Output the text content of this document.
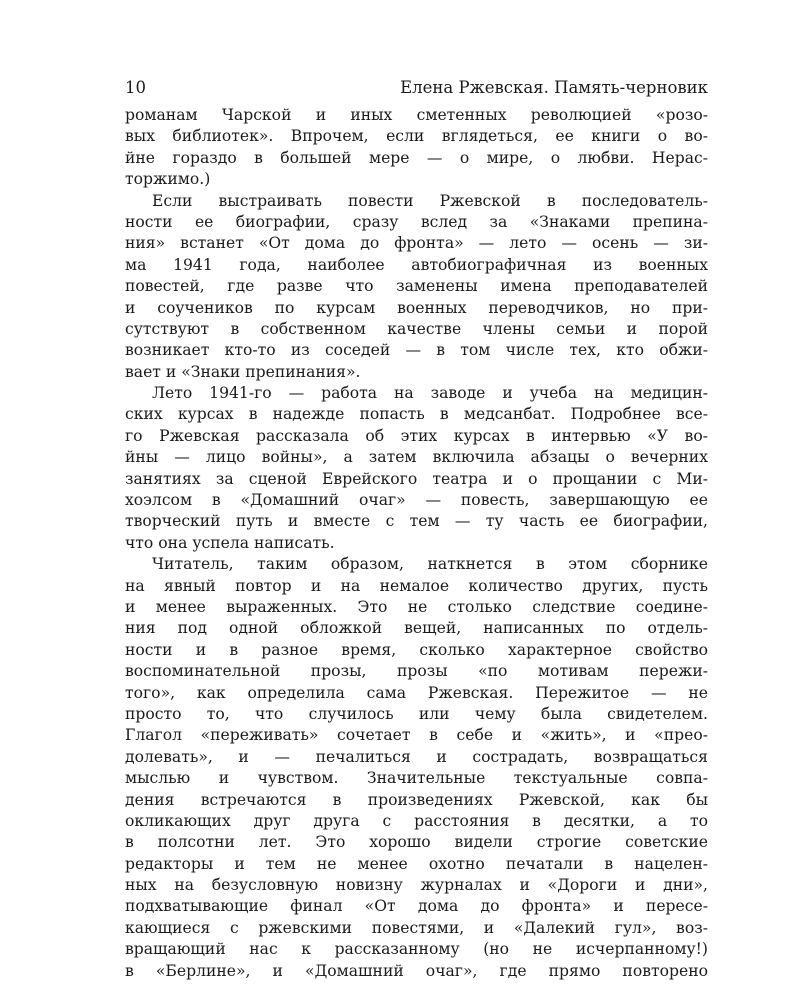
10	Елена Ржевская. Память-черновик
романам Чарской и иных сметенных революцией «розо-
вых библиотек». Впрочем, если вглядеться, ее книги о во-
йне гораздо в большей мере — о мире, о любви. Нерас-
торжимо.)
Если выстраивать повести Ржевской в последователь-
ности ее биографии, сразу вслед за «Знаками препина-
ния» встанет «От дома до фронта» — лето — осень — зи-
ма 1941 года, наиболее автобиографичная из военных
повестей, где разве что заменены имена преподавателей
и соучеников по курсам военных переводчиков, но при-
сутствуют в собственном качестве члены семьи и порой
возникает кто-то из соседей — в том числе тех, кто обжи-
вает и «Знаки препинания».
Лето 1941-го — работа на заводе и учеба на медицин-
ских курсах в надежде попасть в медсанбат. Подробнее все-
го Ржевская рассказала об этих курсах в интервью «У во-
йны — лицо войны», а затем включила абзацы о вечерних
занятиях за сценой Еврейского театра и о прощании с Ми-
хоэлсом в «Домашний очаг» — повесть, завершающую ее
творческий путь и вместе с тем — ту часть ее биографии,
что она успела написать.
Читатель, таким образом, наткнется в этом сборнике
на явный повтор и на немалое количество других, пусть
и менее выраженных. Это не столько следствие соедине-
ния под одной обложкой вещей, написанных по отдель-
ности и в разное время, сколько характерное свойство
воспоминательной прозы, прозы «по мотивам пережи-
того», как определила сама Ржевская. Пережитое — не
просто то, что случилось или чему была свидетелем.
Глагол «переживать» сочетает в себе и «жить», и «прео-
долевать», и — печалиться и сострадать, возвращаться
мыслью и чувством. Значительные текстуальные совпа-
дения встречаются в произведениях Ржевской, как бы
окликающих друг друга с расстояния в десятки, а то
в полсотни лет. Это хорошо видели строгие советские
редакторы и тем не менее охотно печатали в нацелен-
ных на безусловную новизну журналах и «Дороги и дни»,
подхватывающие финал «От дома до фронта» и пересе-
кающиеся с ржевскими повестями, и «Далекий гул», воз-
вращающий нас к рассказанному (но не исчерпанному!)
в «Берлине», и «Домашний очаг», где прямо повторено
